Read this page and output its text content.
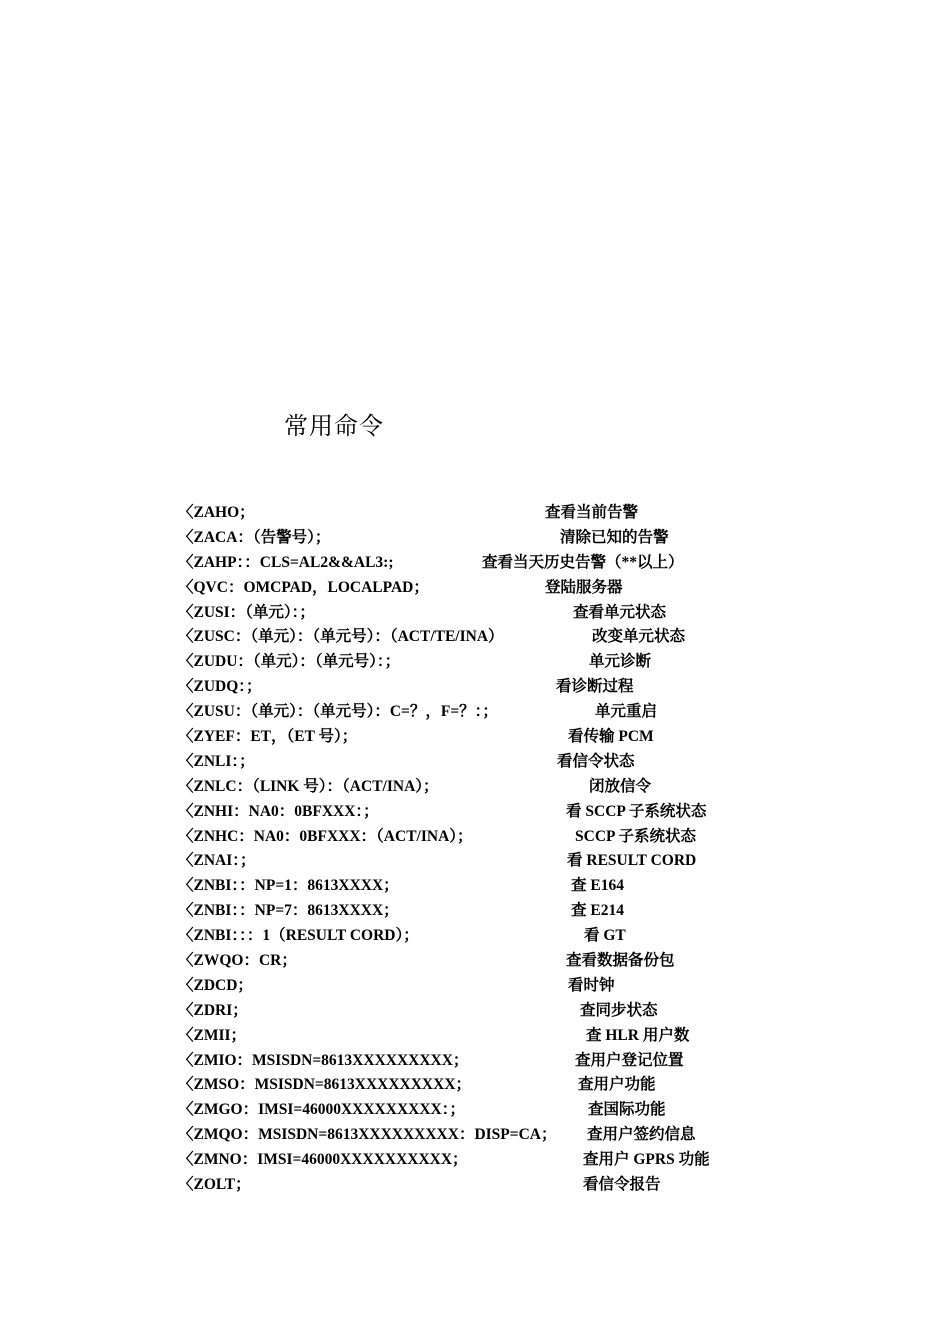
常用命令
〈ZAHO；	查看当前告警
〈ZACA：（告警号）；	清除已知的告警
〈ZAHP：：CLS=AL2&&AL3:;	查看当天历史告警（**以上）
〈QVC：OMCPAD，LOCALPAD；	登陆服务器
〈ZUSI：（单元）：；	查看单元状态
〈ZUSC：（单元）：（单元号）：（ACT/TE/INA）	改变单元状态
〈ZUDU：（单元）：（单元号）：；	单元诊断
〈ZUDQ：；	看诊断过程
〈ZUSU：（单元）：（单元号）：C=？，F=？：；	单元重启
〈ZYEF：ET，（ET 号）；	看传输 PCM
〈ZNLI：；	看信令状态
〈ZNLC：（LINK 号）：（ACT/INA）；	闭放信令
〈ZNHI：NA0：0BFXXX：；	看 SCCP 子系统状态
〈ZNHC：NA0：0BFXXX：（ACT/INA）；	SCCP 子系统状态
〈ZNAI：；	看 RESULT CORD
〈ZNBI：：NP=1：8613XXXX；	查 E164
〈ZNBI：：NP=7：8613XXXX；	查 E214
〈ZNBI：：：1（RESULT CORD）；	看 GT
〈ZWQO：CR；	查看数据备份包
〈ZDCD；	看时钟
〈ZDRI；	查同步状态
〈ZMII；	查 HLR 用户数
〈ZMIO：MSISDN=8613XXXXXXXXX；	查用户登记位置
〈ZMSO：MSISDN=8613XXXXXXXXX；	查用户功能
〈ZMGO：IMSI=46000XXXXXXXXX：；	查国际功能
〈ZMQO：MSISDN=8613XXXXXXXXX：DISP=CA； 查用户签约信息
〈ZMNO：IMSI=46000XXXXXXXXXX；	查用户 GPRS 功能
〈ZOLT；	看信令报告
